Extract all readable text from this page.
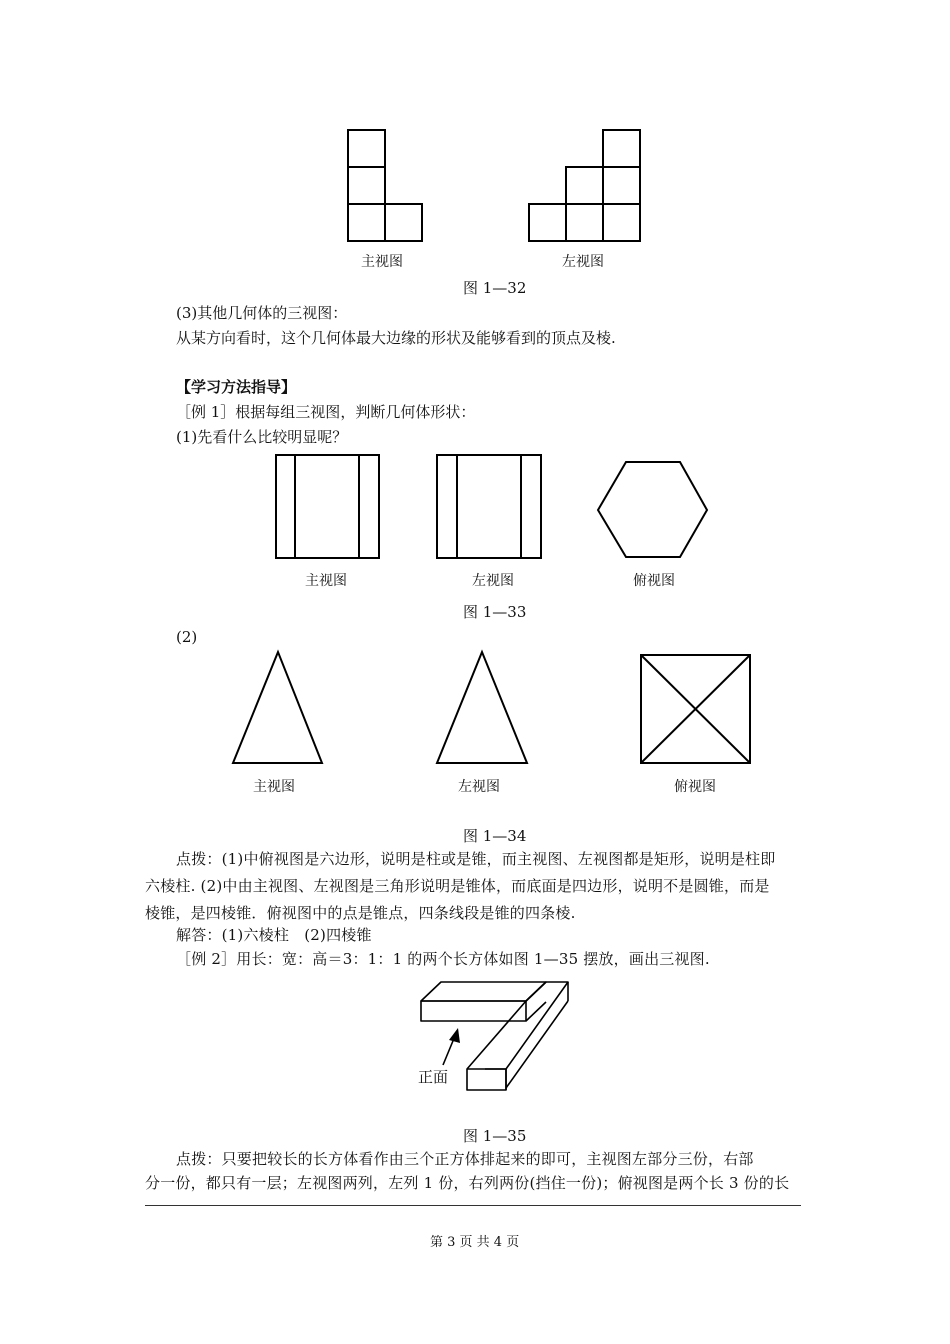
主视图	左视图
图 1—32
(3)其他几何体的三视图：
从某方向看时，这个几何体最大边缘的形状及能够看到的顶点及棱.
【学习方法指导】
［例 1］根据每组三视图，判断几何体形状：
(1)先看什么比较明显呢？
主视图	左视图	俯视图
图 1—33
(2)
主视图	左视图	俯视图
图 1—34
点拨：(1)中俯视图是六边形，说明是柱或是锥，而主视图、左视图都是矩形，说明是柱即
六棱柱. (2)中由主视图、左视图是三角形说明是锥体，而底面是四边形，说明不是圆锥，而是
棱锥，是四棱锥．俯视图中的点是锥点，四条线段是锥的四条棱.
解答：(1)六棱柱　(2)四棱锥
［例 2］用长：宽：高＝3：1：1 的两个长方体如图 1—35 摆放，画出三视图.
正面
图 1—35
点拨：只要把较长的长方体看作由三个正方体排起来的即可，主视图左部分三份，右部
分一份，都只有一层；左视图两列，左列 1 份，右列两份(挡住一份)；俯视图是两个长 3 份的长
第 3 页 共 4 页
